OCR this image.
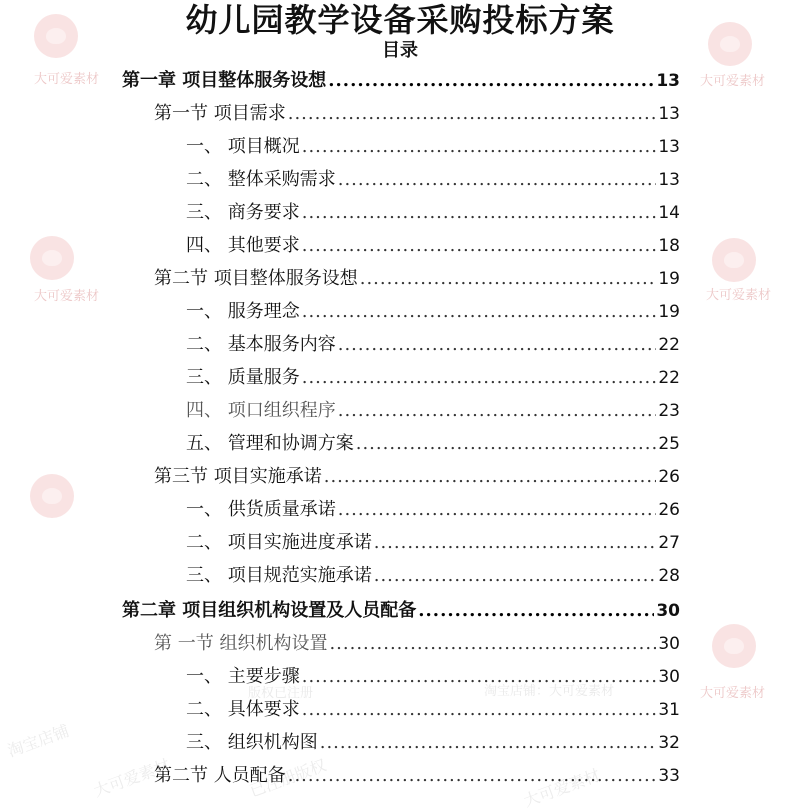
大可爱素材	大可爱素材
大可爱素材	大可爱素材
大可爱素材
版权已注册	淘宝店铺：大可爱素材
淘宝店铺
大可爱素材	已注册版权	大可爱素材
幼儿园教学设备采购投标方案
目录
第一章 项目整体服务设想 .....	13
第一节 项目需求 .....	13
一、 项目概况 .....	13
二、 整体采购需求 .....	13
三、 商务要求 .....	14
四、 其他要求 .....	18
第二节 项目整体服务设想 .....	19
一、 服务理念 .....	19
二、 基本服务内容 .....	22
三、 质量服务 .....	22
四、 项口组织程序 .....	23
五、 管理和协调方案 .....	25
第三节 项目实施承诺 .....	26
一、 供货质量承诺 .....	26
二、 项目实施进度承诺 .....	27
三、 项目规范实施承诺 .....	28
第二章 项目组织机构设置及人员配备 .....	30
第 一节 组织机构设置 .....	30
一、 主要步骤 .....	30
二、 具体要求 .....	31
三、 组织机构图 .....	32
第二节 人员配备 .....	33
